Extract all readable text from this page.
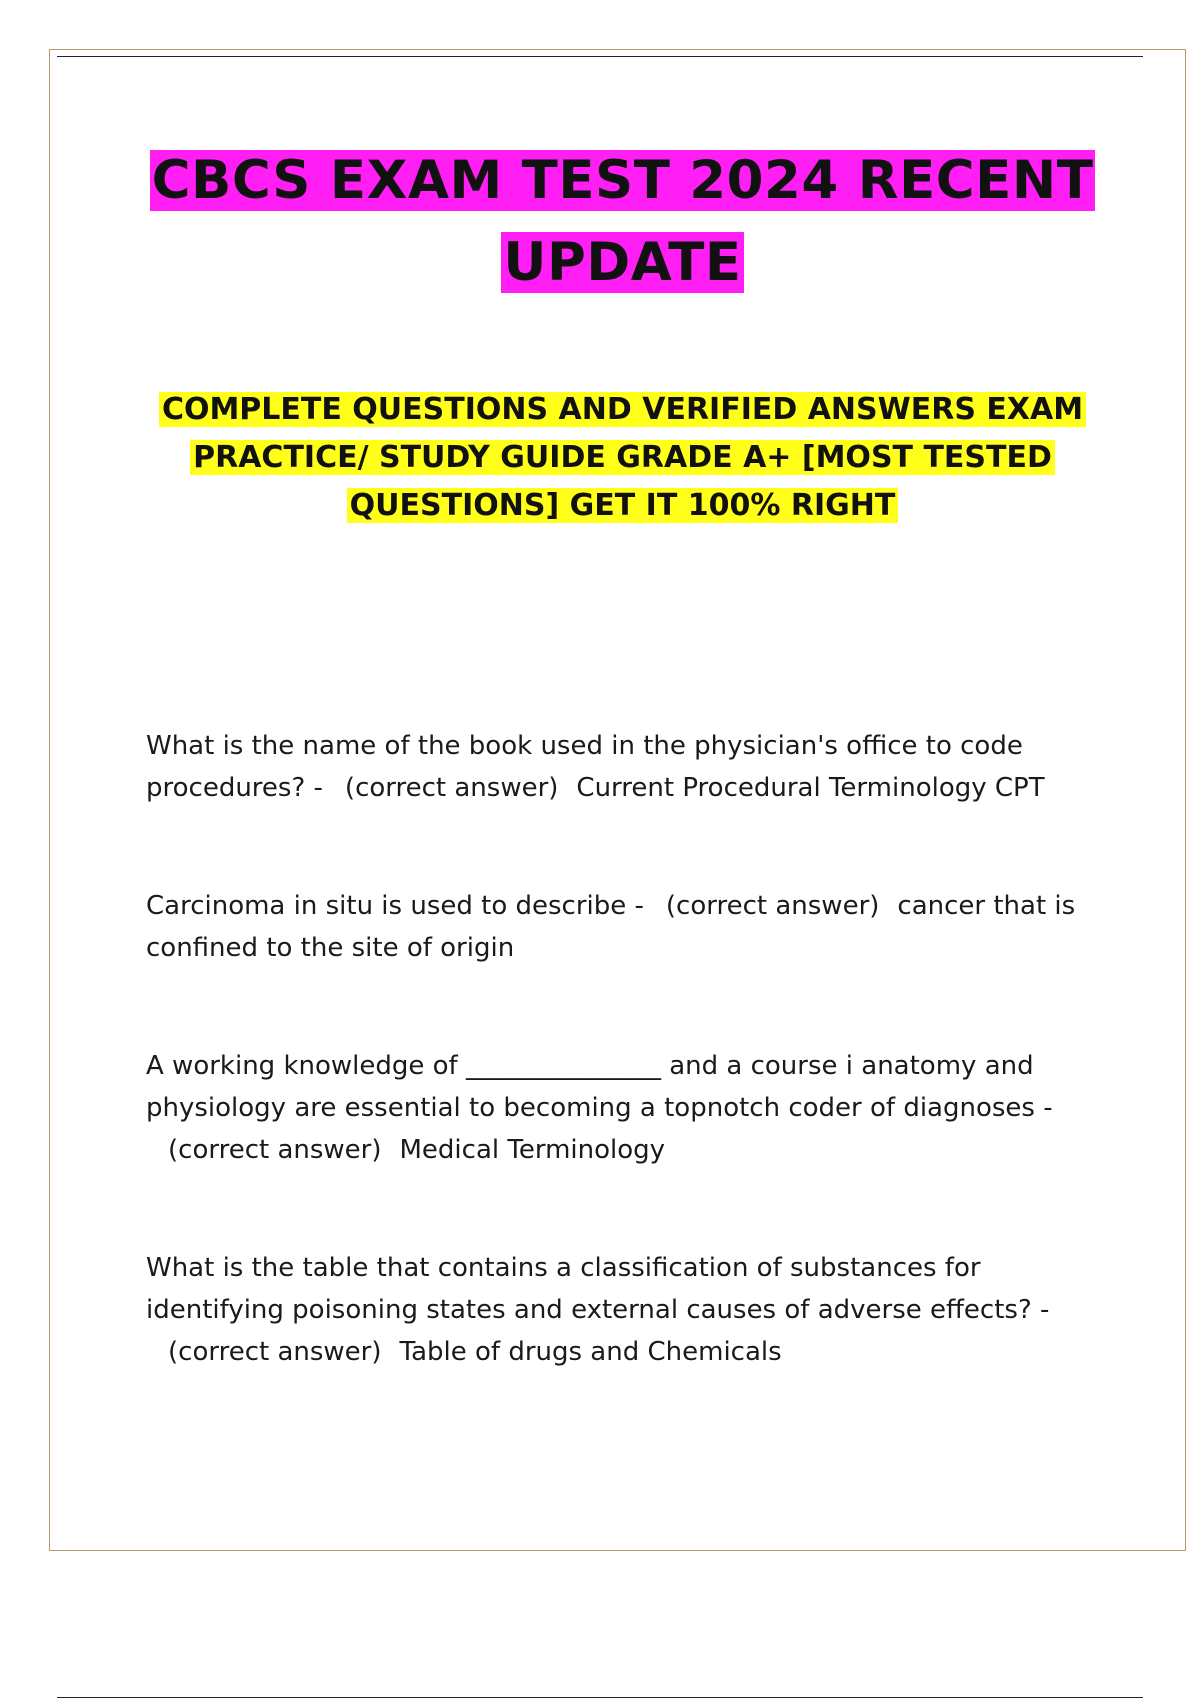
CBCS EXAM TEST 2024 RECENT UPDATE
COMPLETE QUESTIONS AND VERIFIED ANSWERS EXAM PRACTICE/ STUDY GUIDE GRADE A+ [MOST TESTED QUESTIONS] GET IT 100% RIGHT

What is the name of the book used in the physician's office to code procedures? - (correct answer) Current Procedural Terminology CPT

Carcinoma in situ is used to describe - (correct answer) cancer that is confined to the site of origin

A working knowledge of _______________ and a course i anatomy and physiology are essential to becoming a topnotch coder of diagnoses -(correct answer) Medical Terminology

What is the table that contains a classification of substances for identifying poisoning states and external causes of adverse effects? -(correct answer) Table of drugs and Chemicals
